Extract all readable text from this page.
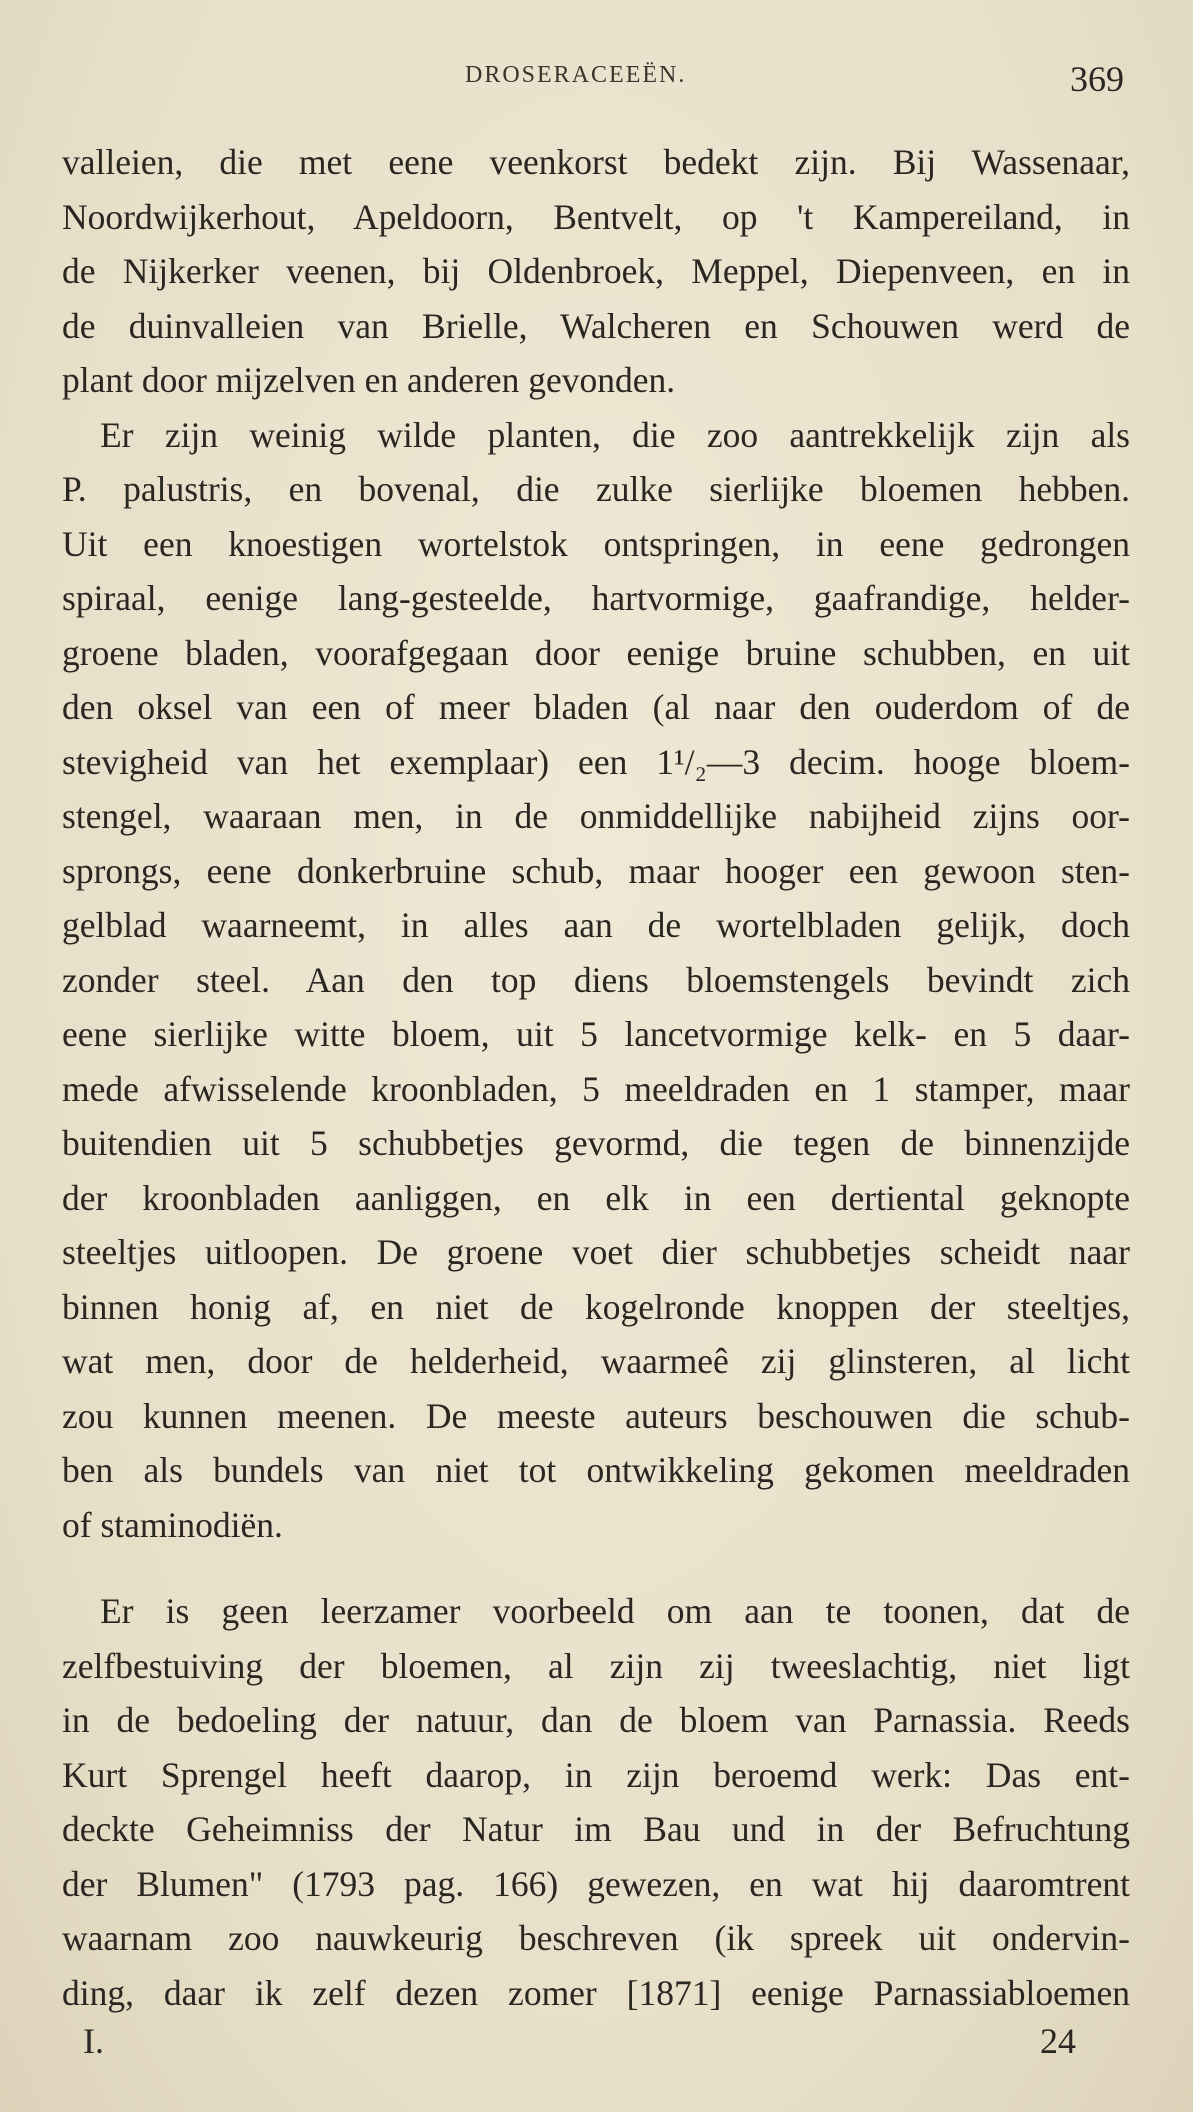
DROSERACEEËN.	369
valleien, die met eene veenkorst bedekt zijn. Bij Wassenaar,
Noordwijkerhout, Apeldoorn, Bentvelt, op 't Kampereiland, in
de Nijkerker veenen, bij Oldenbroek, Meppel, Diepenveen, en in
de duinvalleien van Brielle, Walcheren en Schouwen werd de
plant door mijzelven en anderen gevonden.
Er zijn weinig wilde planten, die zoo aantrekkelijk zijn als
P. palustris, en bovenal, die zulke sierlijke bloemen hebben.
Uit een knoestigen wortelstok ontspringen, in eene gedrongen
spiraal, eenige lang-gesteelde, hartvormige, gaafrandige, helder-
groene bladen, voorafgegaan door eenige bruine schubben, en uit
den oksel van een of meer bladen (al naar den ouderdom of de
stevigheid van het exemplaar) een 1¹/₂—3 decim. hooge bloem-
stengel, waaraan men, in de onmiddellijke nabijheid zijns oor-
sprongs, eene donkerbruine schub, maar hooger een gewoon sten-
gelblad waarneemt, in alles aan de wortelbladen gelijk, doch
zonder steel. Aan den top diens bloemstengels bevindt zich
eene sierlijke witte bloem, uit 5 lancetvormige kelk- en 5 daar-
mede afwisselende kroonbladen, 5 meeldraden en 1 stamper, maar
buitendien uit 5 schubbetjes gevormd, die tegen de binnenzijde
der kroonbladen aanliggen, en elk in een dertiental geknopte
steeltjes uitloopen. De groene voet dier schubbetjes scheidt naar
binnen honig af, en niet de kogelronde knoppen der steeltjes,
wat men, door de helderheid, waarmeê zij glinsteren, al licht
zou kunnen meenen. De meeste auteurs beschouwen die schub-
ben als bundels van niet tot ontwikkeling gekomen meeldraden
of staminodiën.
Er is geen leerzamer voorbeeld om aan te toonen, dat de
zelfbestuiving der bloemen, al zijn zij tweeslachtig, niet ligt
in de bedoeling der natuur, dan de bloem van Parnassia. Reeds
Kurt Sprengel heeft daarop, in zijn beroemd werk: Das ent-
deckte Geheimniss der Natur im Bau und in der Befruchtung
der Blumen" (1793 pag. 166) gewezen, en wat hij daaromtrent
waarnam zoo nauwkeurig beschreven (ik spreek uit ondervin-
ding, daar ik zelf dezen zomer [1871] eenige Parnassiabloemen
I.	24
